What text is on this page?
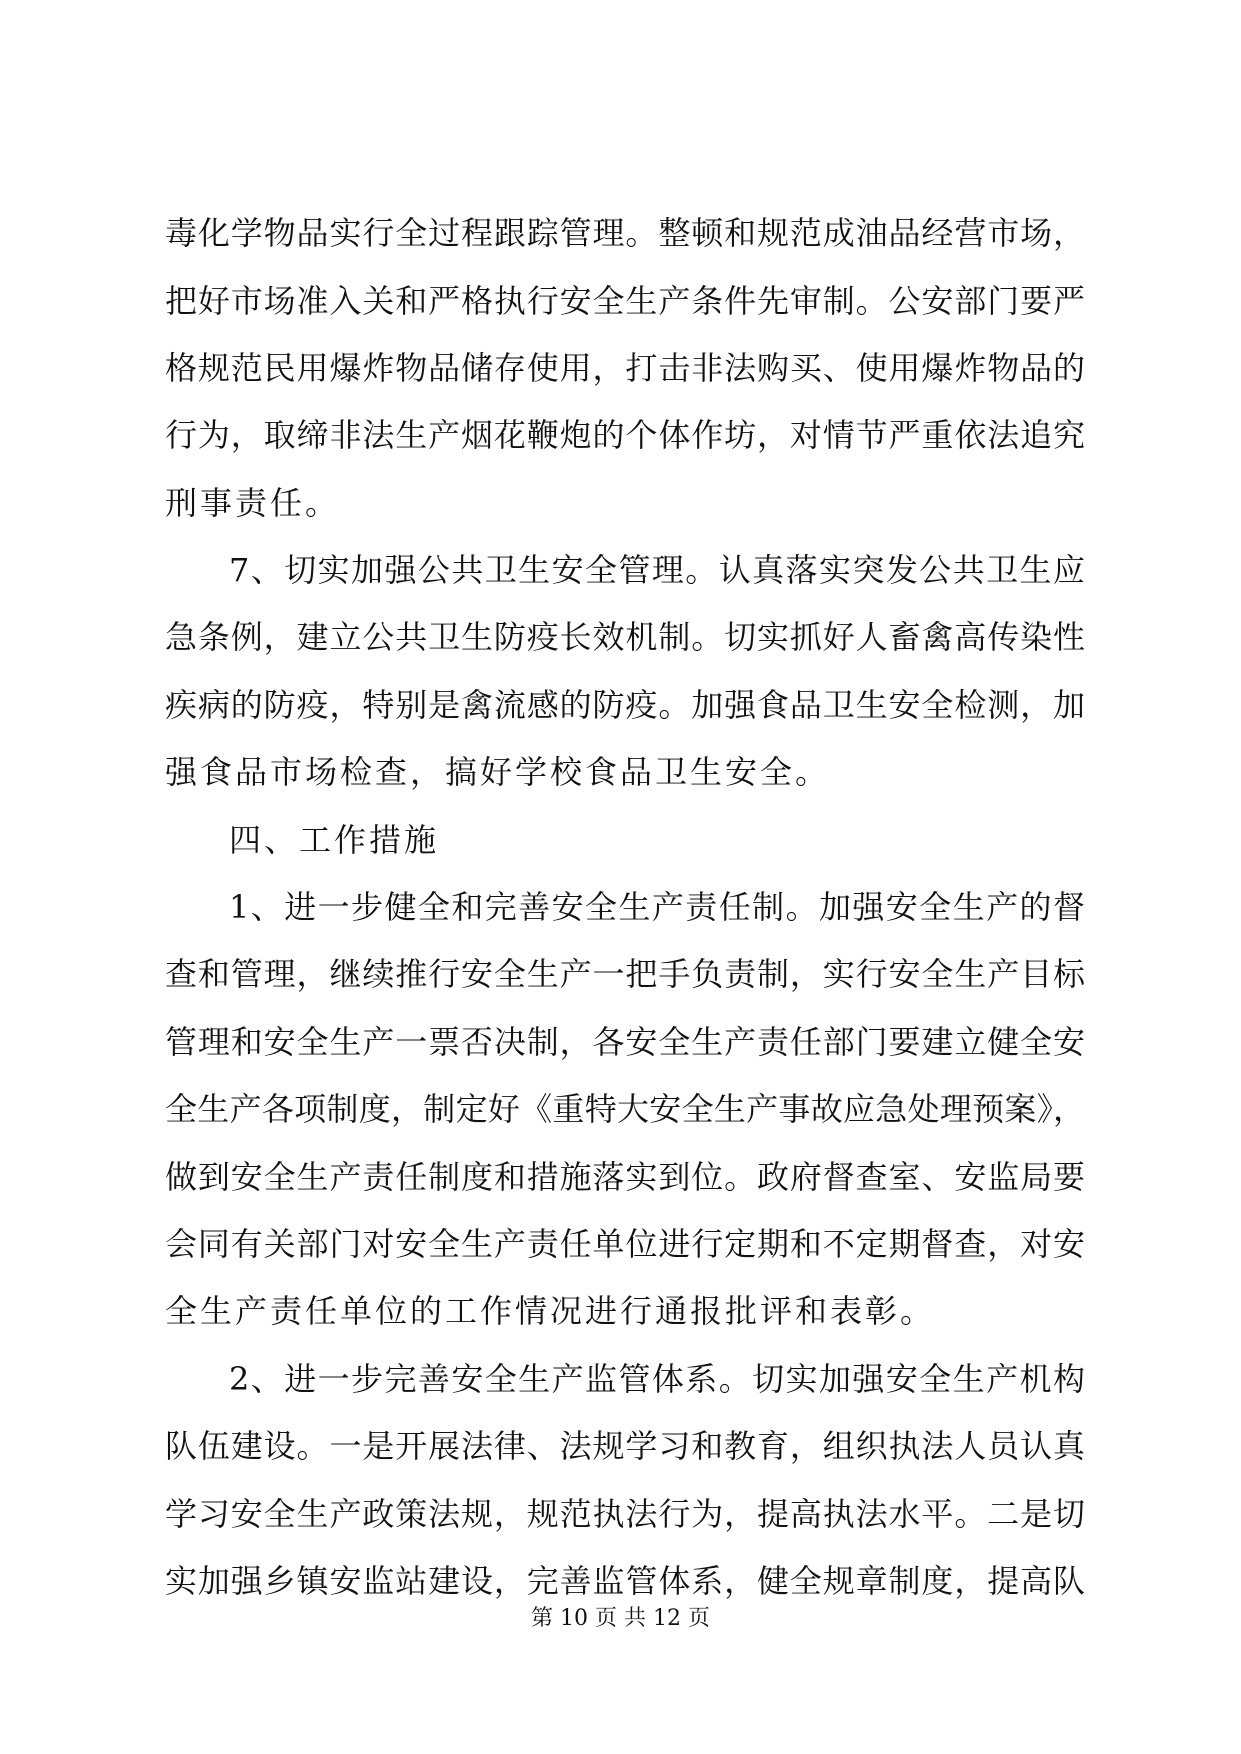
毒化学物品实行全过程跟踪管理。整顿和规范成油品经营市场，
把好市场准入关和严格执行安全生产条件先审制。公安部门要严
格规范民用爆炸物品储存使用，打击非法购买、使用爆炸物品的
行为，取缔非法生产烟花鞭炮的个体作坊，对情节严重依法追究
刑事责任。
7、切实加强公共卫生安全管理。认真落实突发公共卫生应
急条例，建立公共卫生防疫长效机制。切实抓好人畜禽高传染性
疾病的防疫，特别是禽流感的防疫。加强食品卫生安全检测，加
强食品市场检查，搞好学校食品卫生安全。
四、工作措施
1、进一步健全和完善安全生产责任制。加强安全生产的督
查和管理，继续推行安全生产一把手负责制，实行安全生产目标
管理和安全生产一票否决制，各安全生产责任部门要建立健全安
全生产各项制度，制定好《重特大安全生产事故应急处理预案》，
做到安全生产责任制度和措施落实到位。政府督查室、安监局要
会同有关部门对安全生产责任单位进行定期和不定期督查，对安
全生产责任单位的工作情况进行通报批评和表彰。
2、进一步完善安全生产监管体系。切实加强安全生产机构
队伍建设。一是开展法律、法规学习和教育，组织执法人员认真
学习安全生产政策法规，规范执法行为，提高执法水平。二是切
实加强乡镇安监站建设，完善监管体系，健全规章制度，提高队
第 10 页 共 12 页
